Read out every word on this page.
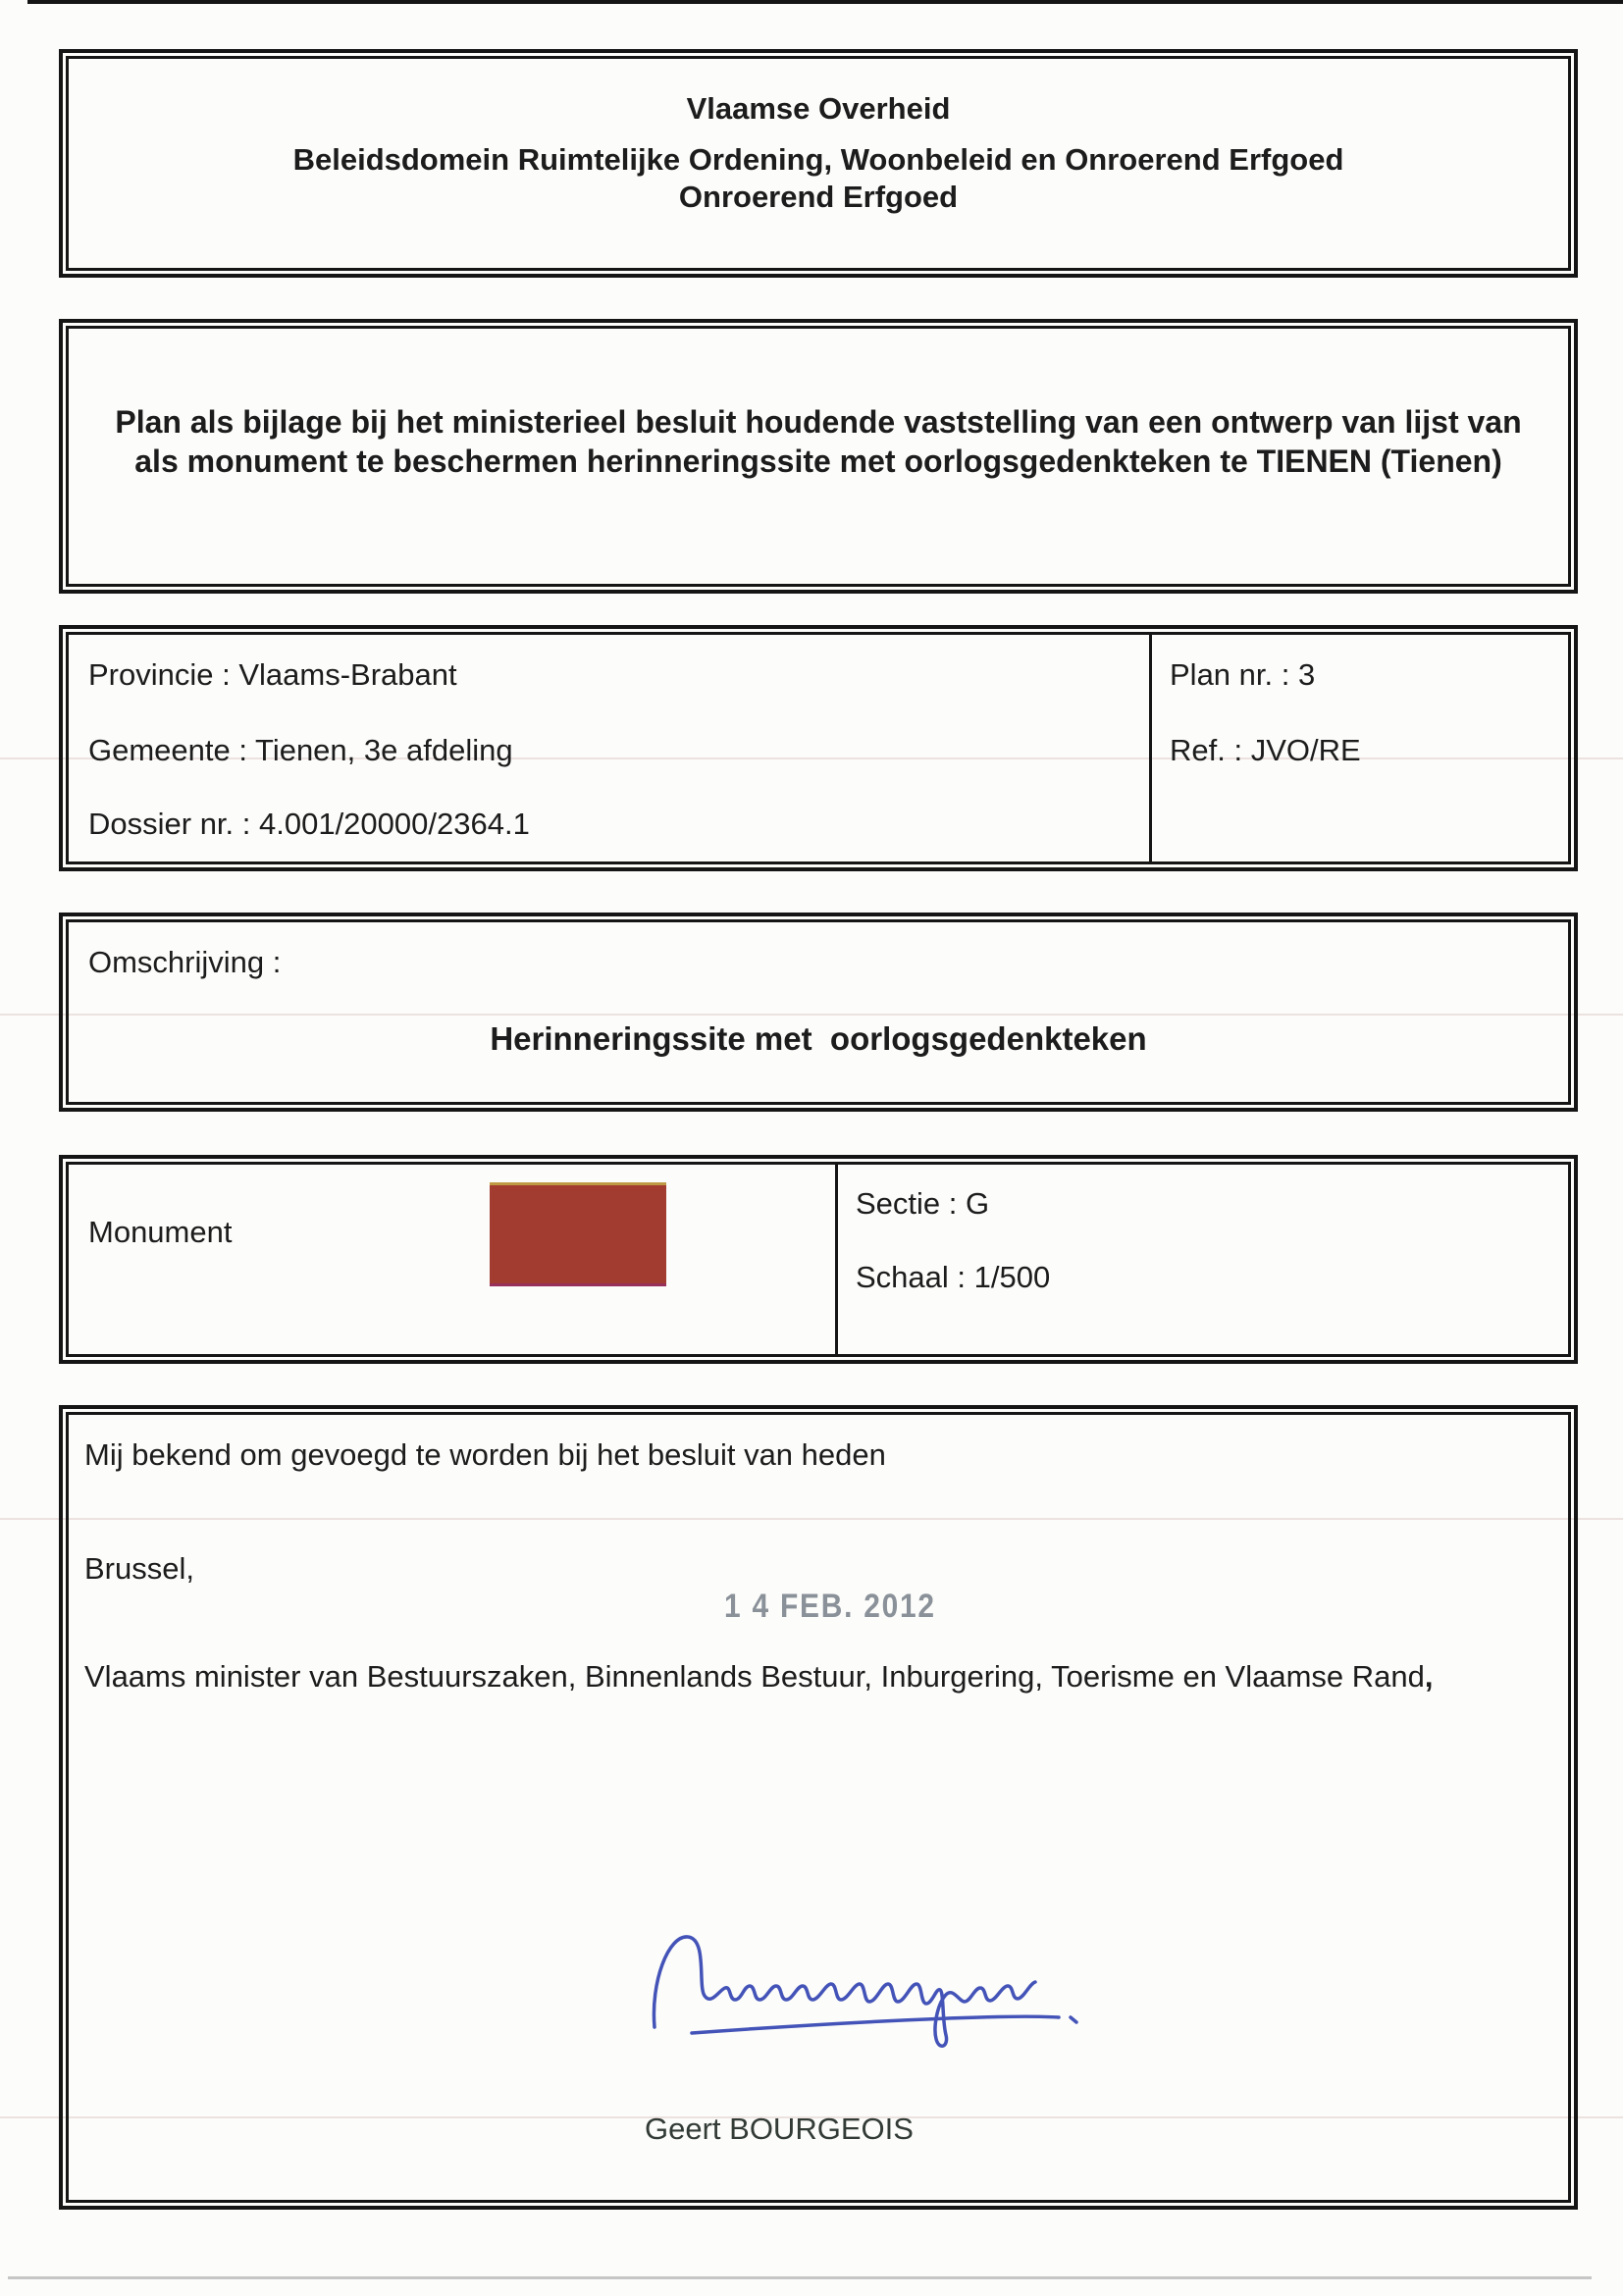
Vlaamse Overheid
Beleidsdomein Ruimtelijke Ordening, Woonbeleid en Onroerend Erfgoed
Onroerend Erfgoed
Plan als bijlage bij het ministerieel besluit houdende vaststelling van een ontwerp van lijst van
als monument te beschermen herinneringssite met oorlogsgedenkteken te TIENEN (Tienen)
Provincie : Vlaams-Brabant
Gemeente : Tienen, 3e afdeling
Dossier nr. : 4.001/20000/2364.1
Plan nr. : 3
Ref. : JVO/RE
Omschrijving :
Herinneringssite met  oorlogsgedenkteken
Monument
Sectie : G
Schaal : 1/500
Mij bekend om gevoegd te worden bij het besluit van heden
Brussel,
1 4 FEB. 2012
Vlaams minister van Bestuurszaken, Binnenlands Bestuur, Inburgering, Toerisme en Vlaamse Rand,
Geert BOURGEOIS
